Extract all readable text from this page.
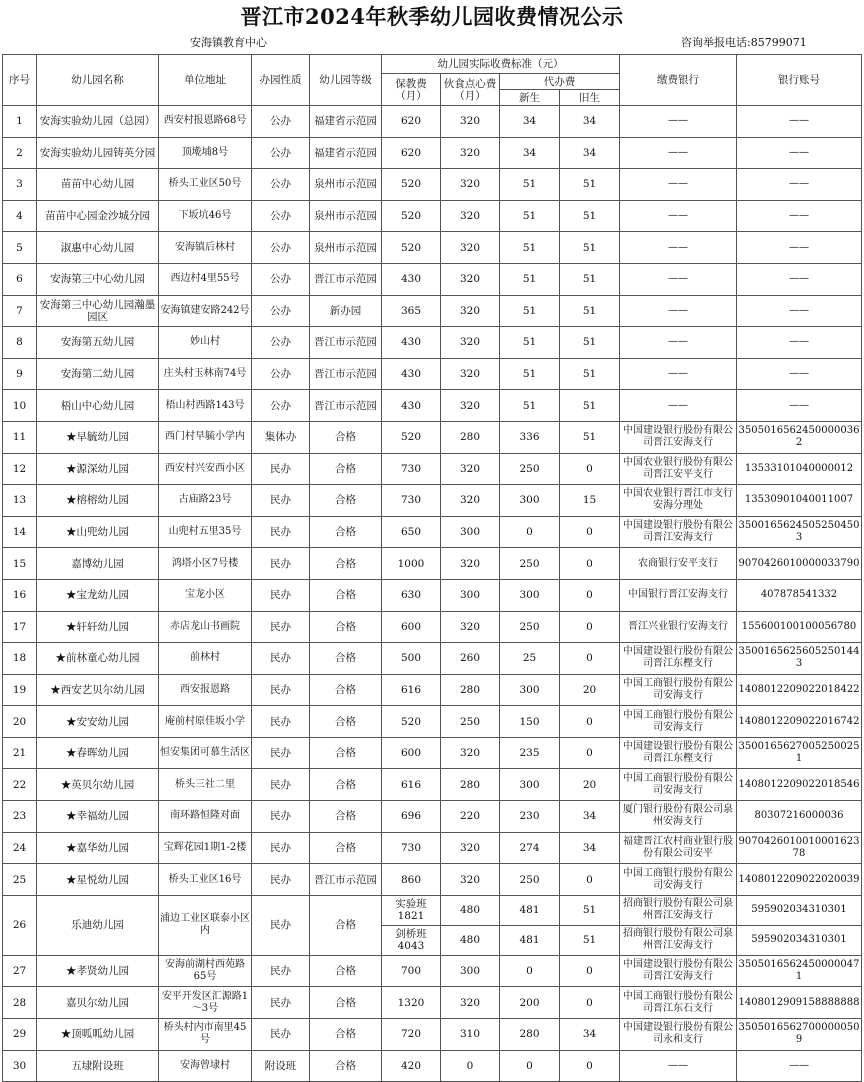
晋江市2024年秋季幼儿园收费情况公示
安海镇教育中心	咨询举报电话:85799071
序号	幼儿园名称	单位地址	办园性质	幼儿园等级	幼儿园实际收费标准（元）				缴费银行	银行账号
					保教费（月）	伙食点心费（月）	代办费			
							新生	旧生		
1	安海实验幼儿园（总园）	西安村报恩路68号	公办	福建省示范园	620	320	34	34	——	——
2	安海实验幼儿园铸英分园	顶墘埔8号	公办	福建省示范园	620	320	34	34	——	——
3	苗苗中心幼儿园	桥头工业区50号	公办	泉州市示范园	520	320	51	51	——	——
4	苗苗中心园金沙城分园	下坂坑46号	公办	泉州市示范园	520	320	51	51	——	——
5	淑惠中心幼儿园	安海镇后林村	公办	泉州市示范园	520	320	51	51	——	——
6	安海第三中心幼儿园	西边村4里55号	公办	晋江市示范园	430	320	51	51	——	——
7	安海第三中心幼儿园瀚墨园区	安海镇建安路242号	公办	新办园	365	320	51	51	——	——
8	安海第五幼儿园	妙山村	公办	晋江市示范园	430	320	51	51	——	——
9	安海第二幼儿园	庄头村玉林南74号	公办	晋江市示范园	430	320	51	51	——	——
10	梧山中心幼儿园	梧山村西路143号	公办	晋江市示范园	430	320	51	51	——	——
11	★早毓幼儿园	西门村早毓小学内	集体办	合格	520	280	336	51	中国建设银行股份有限公司晋江安海支行	35050165624500000362
12	★源深幼儿园	西安村兴安西小区	民办	合格	730	320	250	0	中国农业银行股份有限公司晋江安平支行	13533101040000012
13	★榕榕幼儿园	古庙路23号	民办	合格	730	320	300	15	中国农业银行晋江市支行安海分理处	13530901040011007
14	★山兜幼儿园	山兜村五里35号	民办	合格	650	300	0	0	中国建设银行股份有限公司晋江安海支行	35001656245052504503
15	嘉博幼儿园	鸿塔小区7号楼	民办	合格	1000	320	250	0	农商银行安平支行	9070426010000033790
16	★宝龙幼儿园	宝龙小区	民办	合格	630	300	300	0	中国银行晋江安海支行	407878541332
17	★轩轩幼儿园	赤店龙山书画院	民办	合格	600	320	250	0	晋江兴业银行安海支行	155600100100056780
18	★前林童心幼儿园	前林村	民办	合格	500	260	25	0	中国建设银行股份有限公司晋江东樫支行	35001656256052501443
19	★西安艺贝尔幼儿园	西安报恩路	民办	合格	616	280	300	20	中国工商银行股份有限公司安海支行	1408012209022018422
20	★安安幼儿园	庵前村原佳坂小学	民办	合格	520	250	150	0	中国工商银行股份有限公司安海支行	1408012209022016742
21	★春晖幼儿园	恒安集团可慕生活区	民办	合格	600	320	235	0	中国建设银行股份有限公司晋江东樫支行	35001656270052500251
22	★英贝尔幼儿园	桥头三社二里	民办	合格	616	280	300	20	中国工商银行股份有限公司安海支行	1408012209022018546
23	★幸福幼儿园	南环路恒隆对面	民办	合格	696	220	230	34	厦门银行股份有限公司泉州安海支行	80307216000036
24	★嘉华幼儿园	宝辉花园1期1-2楼	民办	合格	730	320	274	34	福建晋江农村商业银行股份有限公司安平	907042601001000162378
25	★星悦幼儿园	桥头工业区16号	民办	晋江市示范园	860	320	250	0	中国工商银行股份有限公司安海支行	1408012209022020039
26	乐迪幼儿园	浦边工业区联泰小区内	民办	合格	实验班1821	480	481	51	招商银行股份有限公司泉州晋江安海支行	595902034310301
					剑桥班4043	480	481	51	招商银行股份有限公司泉州晋江安海支行	595902034310301
27	★孝贤幼儿园	安海前湖村西苑路65号	民办	合格	700	300	0	0	中国建设银行股份有限公司晋江安海支行	35050165624500000471
28	嘉贝尔幼儿园	安平开发区汇源路1～3号	民办	合格	1320	320	200	0	中国工商银行股份有限公司晋江东石支行	1408012909158888888
29	★顶呱呱幼儿园	桥头村内市南里45号	民办	合格	720	310	280	34	中国建设银行股份有限公司永和支行	35050165627000000509
30	五埭附设班	安海曾埭村	附设班	合格	420	0	0	0	——	——
